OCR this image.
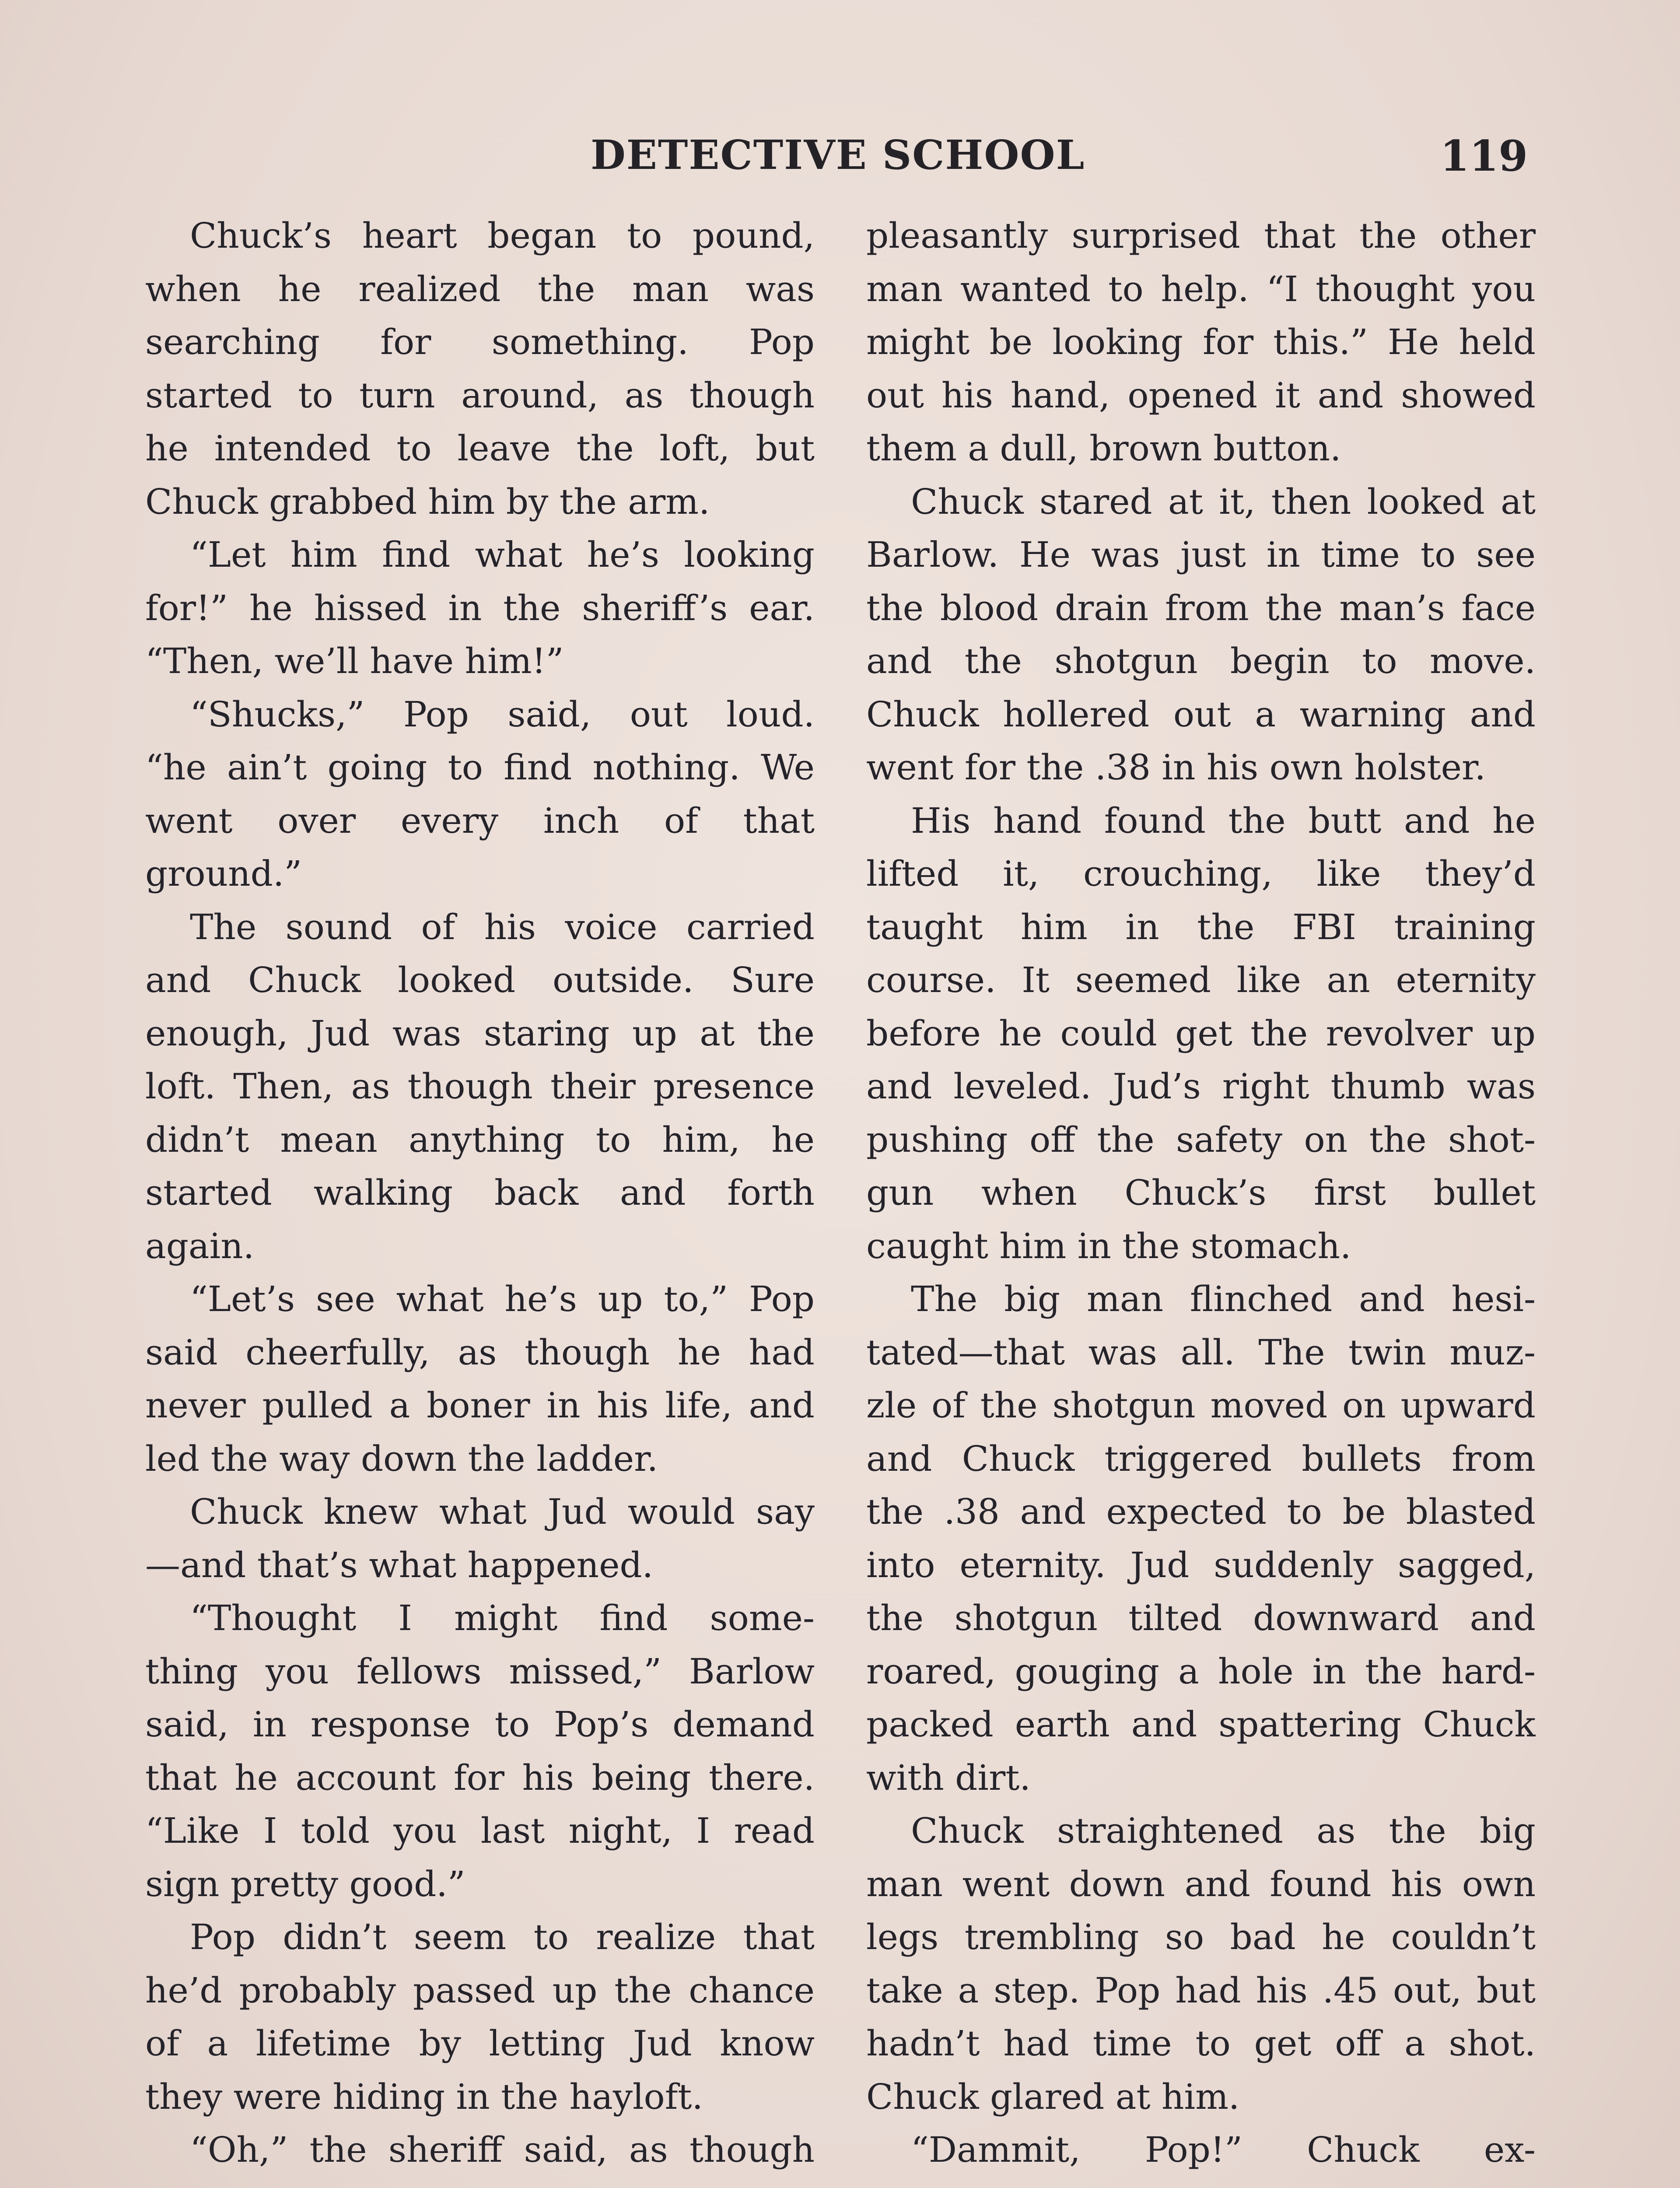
DETECTIVE SCHOOL	119
Chuck’s heart began to pound,
when he realized the man was
searching for something. Pop
started to turn around, as though
he intended to leave the loft, but
Chuck grabbed him by the arm.
“Let him find what he’s looking
for!” he hissed in the sheriff’s ear.
“Then, we’ll have him!”
“Shucks,” Pop said, out loud.
“he ain’t going to find nothing. We
went over every inch of that
ground.”
The sound of his voice carried
and Chuck looked outside. Sure
enough, Jud was staring up at the
loft. Then, as though their presence
didn’t mean anything to him, he
started walking back and forth
again.
“Let’s see what he’s up to,” Pop
said cheerfully, as though he had
never pulled a boner in his life, and
led the way down the ladder.
Chuck knew what Jud would say
—and that’s what happened.
“Thought I might find some-
thing you fellows missed,” Barlow
said, in response to Pop’s demand
that he account for his being there.
“Like I told you last night, I read
sign pretty good.”
Pop didn’t seem to realize that
he’d probably passed up the chance
of a lifetime by letting Jud know
they were hiding in the hayloft.
“Oh,” the sheriff said, as though
pleasantly surprised that the other
man wanted to help. “I thought you
might be looking for this.” He held
out his hand, opened it and showed
them a dull, brown button.
Chuck stared at it, then looked at
Barlow. He was just in time to see
the blood drain from the man’s face
and the shotgun begin to move.
Chuck hollered out a warning and
went for the .38 in his own holster.
His hand found the butt and he
lifted it, crouching, like they’d
taught him in the FBI training
course. It seemed like an eternity
before he could get the revolver up
and leveled. Jud’s right thumb was
pushing off the safety on the shot-
gun when Chuck’s first bullet
caught him in the stomach.
The big man flinched and hesi-
tated—that was all. The twin muz-
zle of the shotgun moved on upward
and Chuck triggered bullets from
the .38 and expected to be blasted
into eternity. Jud suddenly sagged,
the shotgun tilted downward and
roared, gouging a hole in the hard-
packed earth and spattering Chuck
with dirt.
Chuck straightened as the big
man went down and found his own
legs trembling so bad he couldn’t
take a step. Pop had his .45 out, but
hadn’t had time to get off a shot.
Chuck glared at him.
“Dammit, Pop!” Chuck ex-
